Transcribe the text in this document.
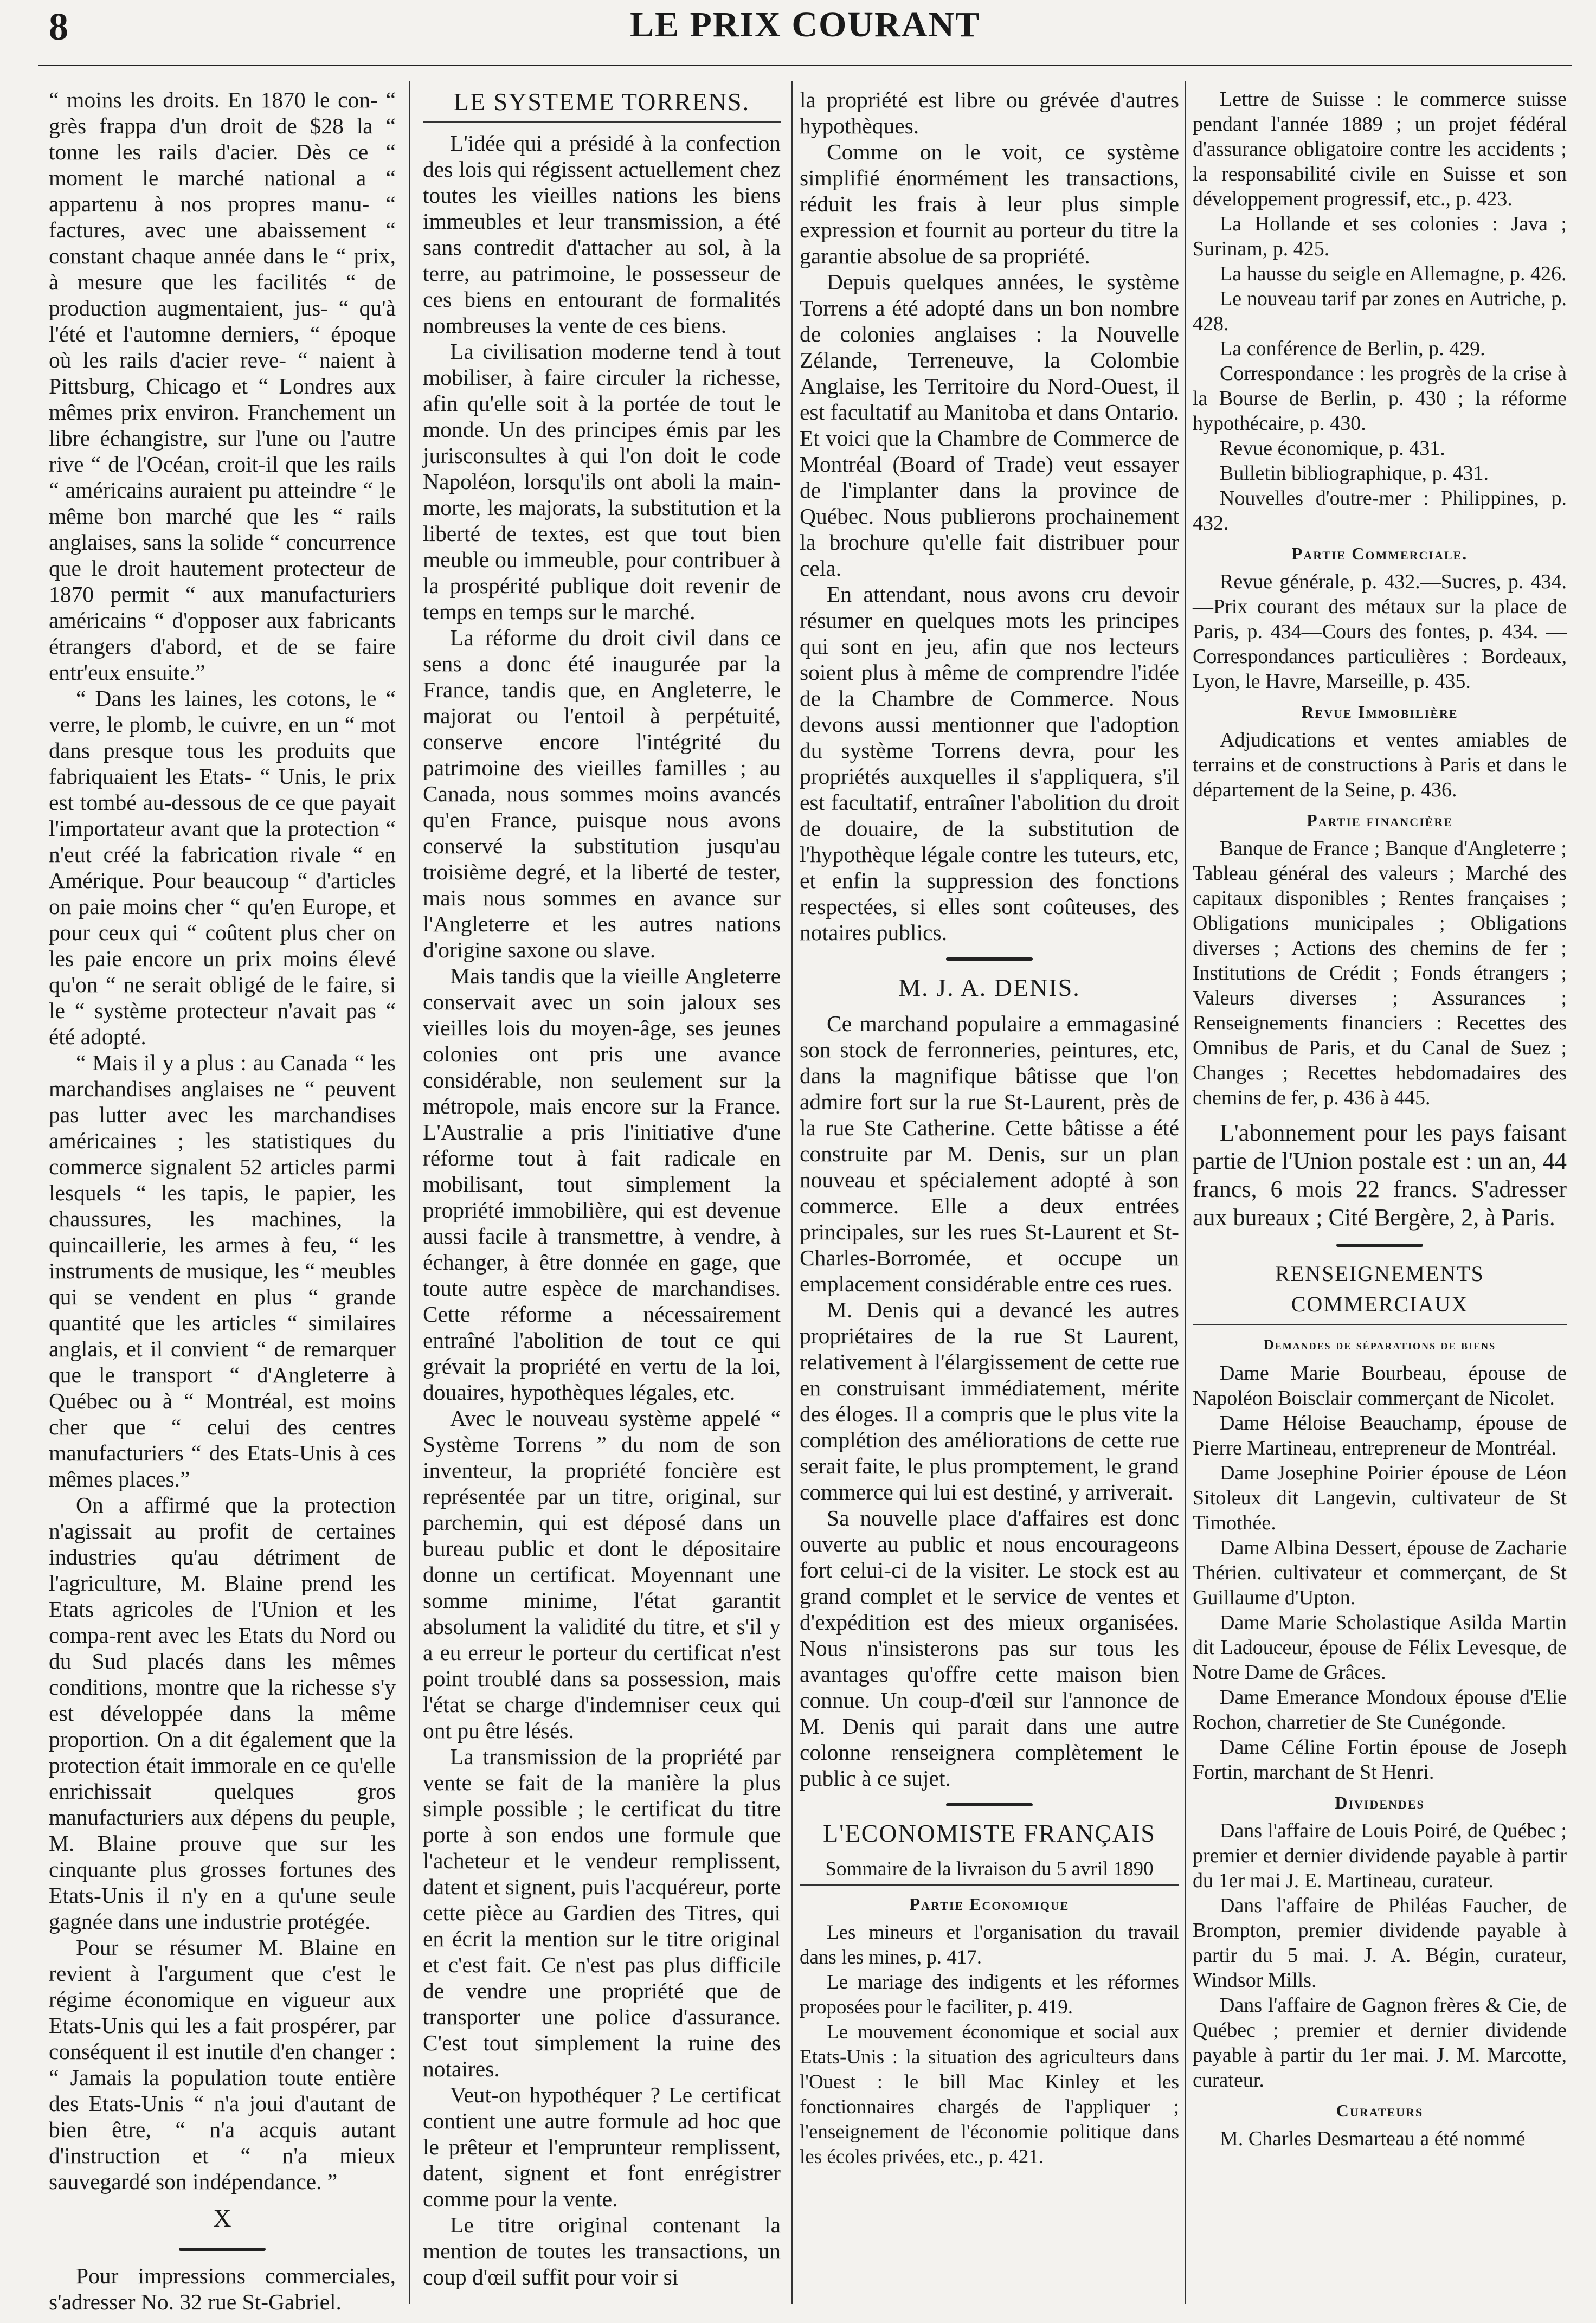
8	LE PRIX COURANT

“ moins les droits. En 1870 le con- “ grès frappa d'un droit de $28 la “ tonne les rails d'acier. Dès ce “ moment le marché national a “ appartenu à nos propres manu- “ factures, avec une abaissement “ constant chaque année dans le “ prix, à mesure que les facilités “ de production augmentaient, jus- “ qu'à l'été et l'automne derniers, “ époque où les rails d'acier reve- “ naient à Pittsburg, Chicago et “ Londres aux mêmes prix environ. Franchement un libre échangistre, sur l'une ou l'autre rive “ de l'Océan, croit-il que les rails “ américains auraient pu atteindre “ le même bon marché que les “ rails anglaises, sans la solide “ concurrence que le droit hautement protecteur de 1870 permit “ aux manufacturiers américains “ d'opposer aux fabricants étrangers d'abord, et de se faire entr'eux ensuite.”

“ Dans les laines, les cotons, le “ verre, le plomb, le cuivre, en un “ mot dans presque tous les produits que fabriquaient les Etats- “ Unis, le prix est tombé au-dessous de ce que payait l'importateur avant que la protection “ n'eut créé la fabrication rivale “ en Amérique. Pour beaucoup “ d'articles on paie moins cher “ qu'en Europe, et pour ceux qui “ coûtent plus cher on les paie encore un prix moins élevé qu'on “ ne serait obligé de le faire, si le “ système protecteur n'avait pas “ été adopté.

“ Mais il y a plus : au Canada “ les marchandises anglaises ne “ peuvent pas lutter avec les marchandises américaines ; les statistiques du commerce signalent 52 articles parmi lesquels “ les tapis, le papier, les chaussures, les machines, la quincaillerie, les armes à feu, “ les instruments de musique, les “ meubles qui se vendent en plus “ grande quantité que les articles “ similaires anglais, et il convient “ de remarquer que le transport “ d'Angleterre à Québec ou à “ Montréal, est moins cher que “ celui des centres manufacturiers “ des Etats-Unis à ces mêmes places.”

On a affirmé que la protection n'agissait au profit de certaines industries qu'au détriment de l'agriculture, M. Blaine prend les Etats agricoles de l'Union et les compa-rent avec les Etats du Nord ou du Sud placés dans les mêmes conditions, montre que la richesse s'y est développée dans la même proportion. On a dit également que la protection était immorale en ce qu'elle enrichissait quelques gros manufacturiers aux dépens du peuple, M. Blaine prouve que sur les cinquante plus grosses fortunes des Etats-Unis il n'y en a qu'une seule gagnée dans une industrie protégée.

Pour se résumer M. Blaine en revient à l'argument que c'est le régime économique en vigueur aux Etats-Unis qui les a fait prospérer, par conséquent il est inutile d'en changer : “ Jamais la population toute entière des Etats-Unis “ n'a joui d'autant de bien être, “ n'a acquis autant d'instruction et “ n'a mieux sauvegardé son indépendance. ”

X

Pour impressions commerciales, s'adresser No. 32 rue St-Gabriel.

LE SYSTEME TORRENS.

L'idée qui a présidé à la confection des lois qui régissent actuellement chez toutes les vieilles nations les biens immeubles et leur transmission, a été sans contredit d'attacher au sol, à la terre, au patrimoine, le possesseur de ces biens en entourant de formalités nombreuses la vente de ces biens.

La civilisation moderne tend à tout mobiliser, à faire circuler la richesse, afin qu'elle soit à la portée de tout le monde. Un des principes émis par les jurisconsultes à qui l'on doit le code Napoléon, lorsqu'ils ont aboli la main-morte, les majorats, la substitution et la liberté de textes, est que tout bien meuble ou immeuble, pour contribuer à la prospérité publique doit revenir de temps en temps sur le marché.

La réforme du droit civil dans ce sens a donc été inaugurée par la France, tandis que, en Angleterre, le majorat ou l'entoil à perpétuité, conserve encore l'intégrité du patrimoine des vieilles familles ; au Canada, nous sommes moins avancés qu'en France, puisque nous avons conservé la substitution jusqu'au troisième degré, et la liberté de tester, mais nous sommes en avance sur l'Angleterre et les autres nations d'origine saxone ou slave.

Mais tandis que la vieille Angleterre conservait avec un soin jaloux ses vieilles lois du moyen-âge, ses jeunes colonies ont pris une avance considérable, non seulement sur la métropole, mais encore sur la France. L'Australie a pris l'initiative d'une réforme tout à fait radicale en mobilisant, tout simplement la propriété immobilière, qui est devenue aussi facile à transmettre, à vendre, à échanger, à être donnée en gage, que toute autre espèce de marchandises. Cette réforme a nécessairement entraîné l'abolition de tout ce qui grévait la propriété en vertu de la loi, douaires, hypothèques légales, etc.

Avec le nouveau système appelé “ Système Torrens ” du nom de son inventeur, la propriété foncière est représentée par un titre, original, sur parchemin, qui est déposé dans un bureau public et dont le dépositaire donne un certificat. Moyennant une somme minime, l'état garantit absolument la validité du titre, et s'il y a eu erreur le porteur du certificat n'est point troublé dans sa possession, mais l'état se charge d'indemniser ceux qui ont pu être lésés.

La transmission de la propriété par vente se fait de la manière la plus simple possible ; le certificat du titre porte à son endos une formule que l'acheteur et le vendeur remplissent, datent et signent, puis l'acquéreur, porte cette pièce au Gardien des Titres, qui en écrit la mention sur le titre original et c'est fait. Ce n'est pas plus difficile de vendre une propriété que de transporter une police d'assurance. C'est tout simplement la ruine des notaires.

Veut-on hypothéquer ? Le certificat contient une autre formule ad hoc que le prêteur et l'emprunteur remplissent, datent, signent et font enrégistrer comme pour la vente.

Le titre original contenant la mention de toutes les transactions, un coup d'œil suffit pour voir si

la propriété est libre ou grévée d'autres hypothèques.

Comme on le voit, ce système simplifié énormément les transactions, réduit les frais à leur plus simple expression et fournit au porteur du titre la garantie absolue de sa propriété.

Depuis quelques années, le système Torrens a été adopté dans un bon nombre de colonies anglaises : la Nouvelle Zélande, Terreneuve, la Colombie Anglaise, les Territoire du Nord-Ouest, il est facultatif au Manitoba et dans Ontario. Et voici que la Chambre de Commerce de Montréal (Board of Trade) veut essayer de l'implanter dans la province de Québec. Nous publierons prochainement la brochure qu'elle fait distribuer pour cela.

En attendant, nous avons cru devoir résumer en quelques mots les principes qui sont en jeu, afin que nos lecteurs soient plus à même de comprendre l'idée de la Chambre de Commerce. Nous devons aussi mentionner que l'adoption du système Torrens devra, pour les propriétés auxquelles il s'appliquera, s'il est facultatif, entraîner l'abolition du droit de douaire, de la substitution de l'hypothèque légale contre les tuteurs, etc, et enfin la suppression des fonctions respectées, si elles sont coûteuses, des notaires publics.

M. J. A. DENIS.

Ce marchand populaire a emmagasiné son stock de ferronneries, peintures, etc, dans la magnifique bâtisse que l'on admire fort sur la rue St-Laurent, près de la rue Ste Catherine. Cette bâtisse a été construite par M. Denis, sur un plan nouveau et spécialement adopté à son commerce. Elle a deux entrées principales, sur les rues St-Laurent et St-Charles-Borromée, et occupe un emplacement considérable entre ces rues.

M. Denis qui a devancé les autres propriétaires de la rue St Laurent, relativement à l'élargissement de cette rue en construisant immédiatement, mérite des éloges. Il a compris que le plus vite la complétion des améliorations de cette rue serait faite, le plus promptement, le grand commerce qui lui est destiné, y arriverait.

Sa nouvelle place d'affaires est donc ouverte au public et nous encourageons fort celui-ci de la visiter. Le stock est au grand complet et le service de ventes et d'expédition est des mieux organisées. Nous n'insisterons pas sur tous les avantages qu'offre cette maison bien connue. Un coup-d'œil sur l'annonce de M. Denis qui parait dans une autre colonne renseignera complètement le public à ce sujet.

L'ECONOMISTE FRANÇAIS
Sommaire de la livraison du 5 avril 1890
Partie Economique

Les mineurs et l'organisation du travail dans les mines, p. 417.

Le mariage des indigents et les réformes proposées pour le faciliter, p. 419.

Le mouvement économique et social aux Etats-Unis : la situation des agriculteurs dans l'Ouest : le bill Mac Kinley et les fonctionnaires chargés de l'appliquer ; l'enseignement de l'économie politique dans les écoles privées, etc., p. 421.

Lettre de Suisse : le commerce suisse pendant l'année 1889 ; un projet fédéral d'assurance obligatoire contre les accidents ; la responsabilité civile en Suisse et son développement progressif, etc., p. 423.

La Hollande et ses colonies : Java ; Surinam, p. 425.

La hausse du seigle en Allemagne, p. 426.

Le nouveau tarif par zones en Autriche, p. 428.

La conférence de Berlin, p. 429.

Correspondance : les progrès de la crise à la Bourse de Berlin, p. 430 ; la réforme hypothécaire, p. 430.

Revue économique, p. 431.

Bulletin bibliographique, p. 431.

Nouvelles d'outre-mer : Philippines, p. 432.

Partie Commerciale.

Revue générale, p. 432.—Sucres, p. 434.—Prix courant des métaux sur la place de Paris, p. 434—Cours des fontes, p. 434. —Correspondances particulières : Bordeaux, Lyon, le Havre, Marseille, p. 435.

Revue Immobilière

Adjudications et ventes amiables de terrains et de constructions à Paris et dans le département de la Seine, p. 436.

Partie financière

Banque de France ; Banque d'Angleterre ; Tableau général des valeurs ; Marché des capitaux disponibles ; Rentes françaises ; Obligations municipales ; Obligations diverses ; Actions des chemins de fer ; Institutions de Crédit ; Fonds étrangers ; Valeurs diverses ; Assurances ; Renseignements financiers : Recettes des Omnibus de Paris, et du Canal de Suez ; Changes ; Recettes hebdomadaires des chemins de fer, p. 436 à 445.

L'abonnement pour les pays faisant partie de l'Union postale est : un an, 44 francs, 6 mois 22 francs. S'adresser aux bureaux ; Cité Bergère, 2, à Paris.

RENSEIGNEMENTS COMMERCIAUX
Demandes de séparations de biens

Dame Marie Bourbeau, épouse de Napoléon Boisclair commerçant de Nicolet.

Dame Héloise Beauchamp, épouse de Pierre Martineau, entrepreneur de Montréal.

Dame Josephine Poirier épouse de Léon Sitoleux dit Langevin, cultivateur de St Timothée.

Dame Albina Dessert, épouse de Zacharie Thérien. cultivateur et commerçant, de St Guillaume d'Upton.

Dame Marie Scholastique Asilda Martin dit Ladouceur, épouse de Félix Levesque, de Notre Dame de Grâces.

Dame Emerance Mondoux épouse d'Elie Rochon, charretier de Ste Cunégonde.

Dame Céline Fortin épouse de Joseph Fortin, marchant de St Henri.

Dividendes

Dans l'affaire de Louis Poiré, de Québec ; premier et dernier dividende payable à partir du 1er mai J. E. Martineau, curateur.

Dans l'affaire de Philéas Faucher, de Brompton, premier dividende payable à partir du 5 mai. J. A. Bégin, curateur, Windsor Mills.

Dans l'affaire de Gagnon frères & Cie, de Québec ; premier et dernier dividende payable à partir du 1er mai. J. M. Marcotte, curateur.

Curateurs

M. Charles Desmarteau a été nommé
